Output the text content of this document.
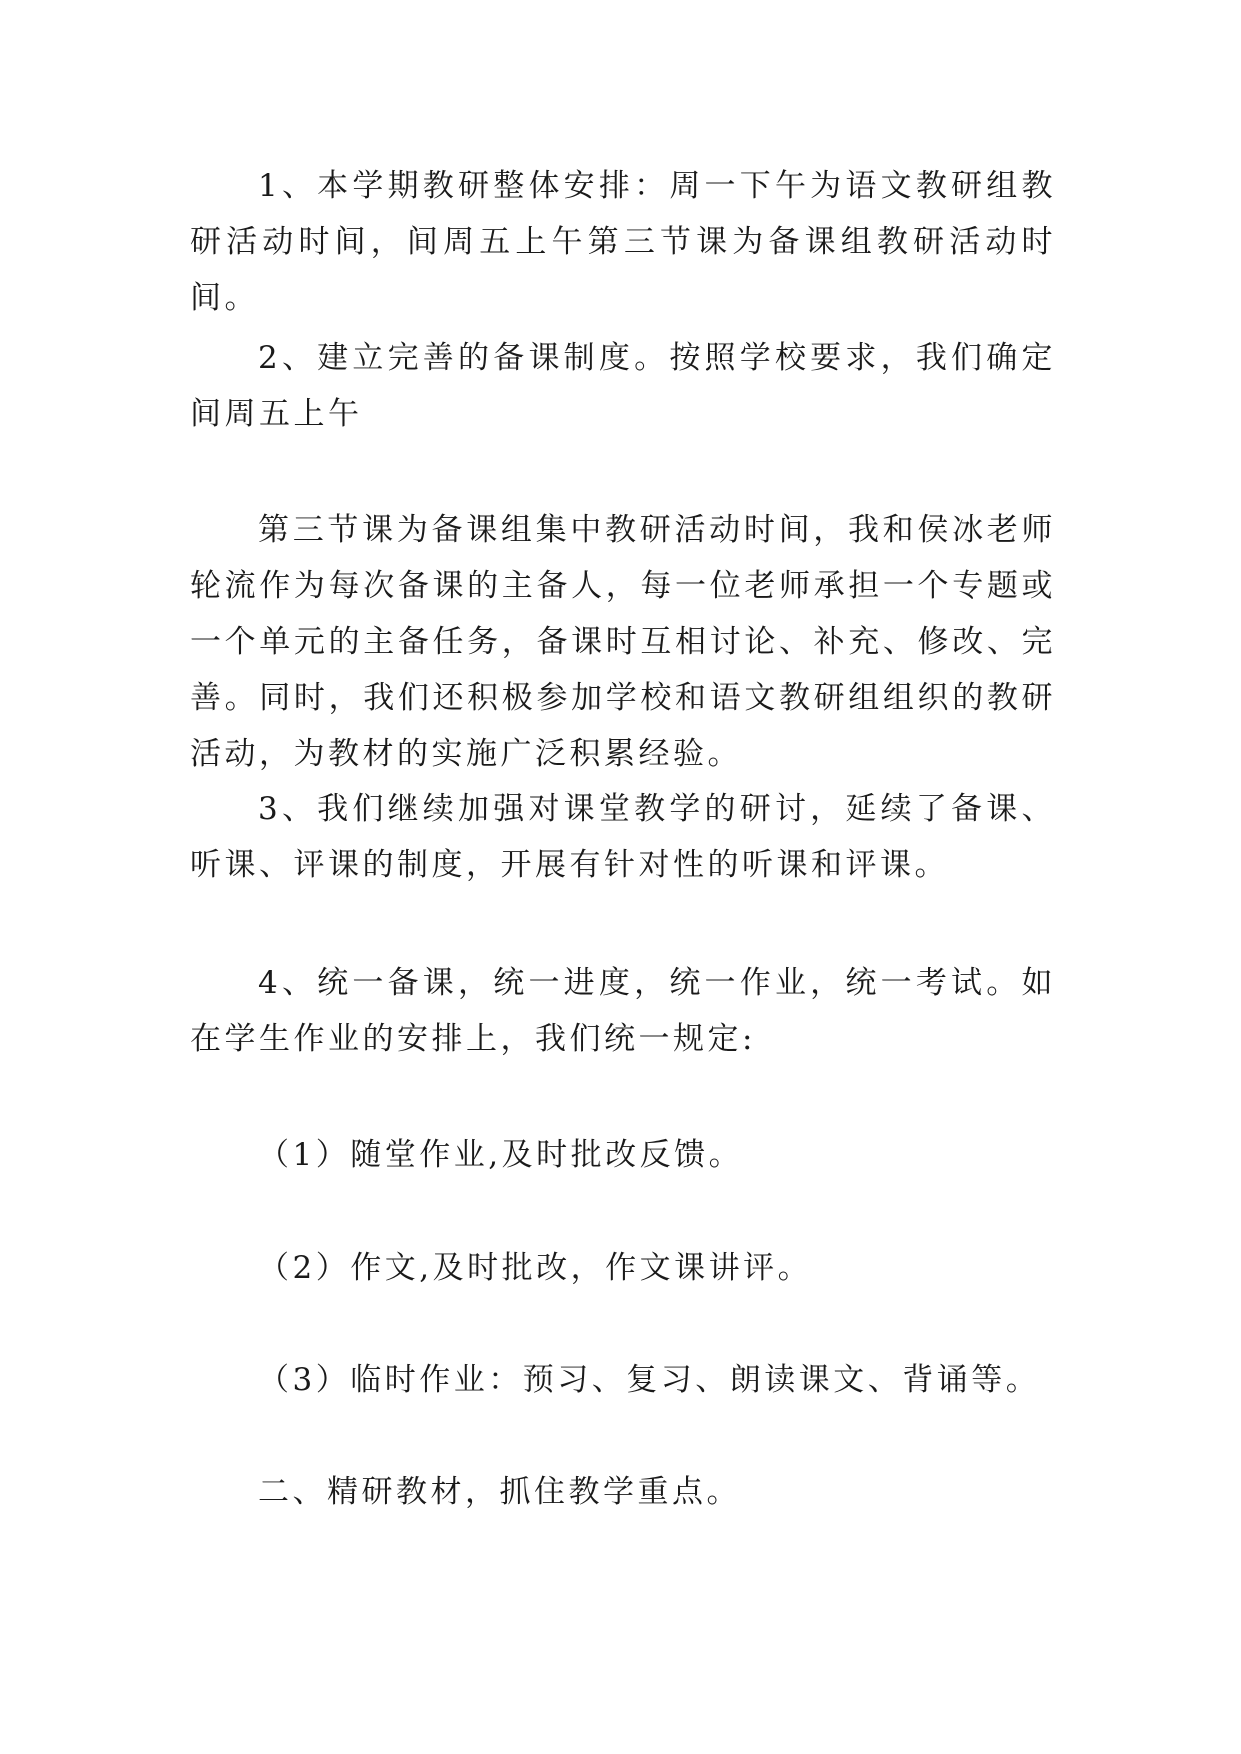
1、本学期教研整体安排：周一下午为语文教研组教研活动时间，间周五上午第三节课为备课组教研活动时间。

2、建立完善的备课制度。按照学校要求，我们确定间周五上午

第三节课为备课组集中教研活动时间，我和侯冰老师轮流作为每次备课的主备人，每一位老师承担一个专题或一个单元的主备任务，备课时互相讨论、补充、修改、完善。同时，我们还积极参加学校和语文教研组组织的教研活动，为教材的实施广泛积累经验。

3、我们继续加强对课堂教学的研讨，延续了备课、听课、评课的制度，开展有针对性的听课和评课。

4、统一备课，统一进度，统一作业，统一考试。如在学生作业的安排上，我们统一规定:

（1）随堂作业,及时批改反馈。

（2）作文,及时批改，作文课讲评。

（3）临时作业：预习、复习、朗读课文、背诵等。

二、精研教材，抓住教学重点。
